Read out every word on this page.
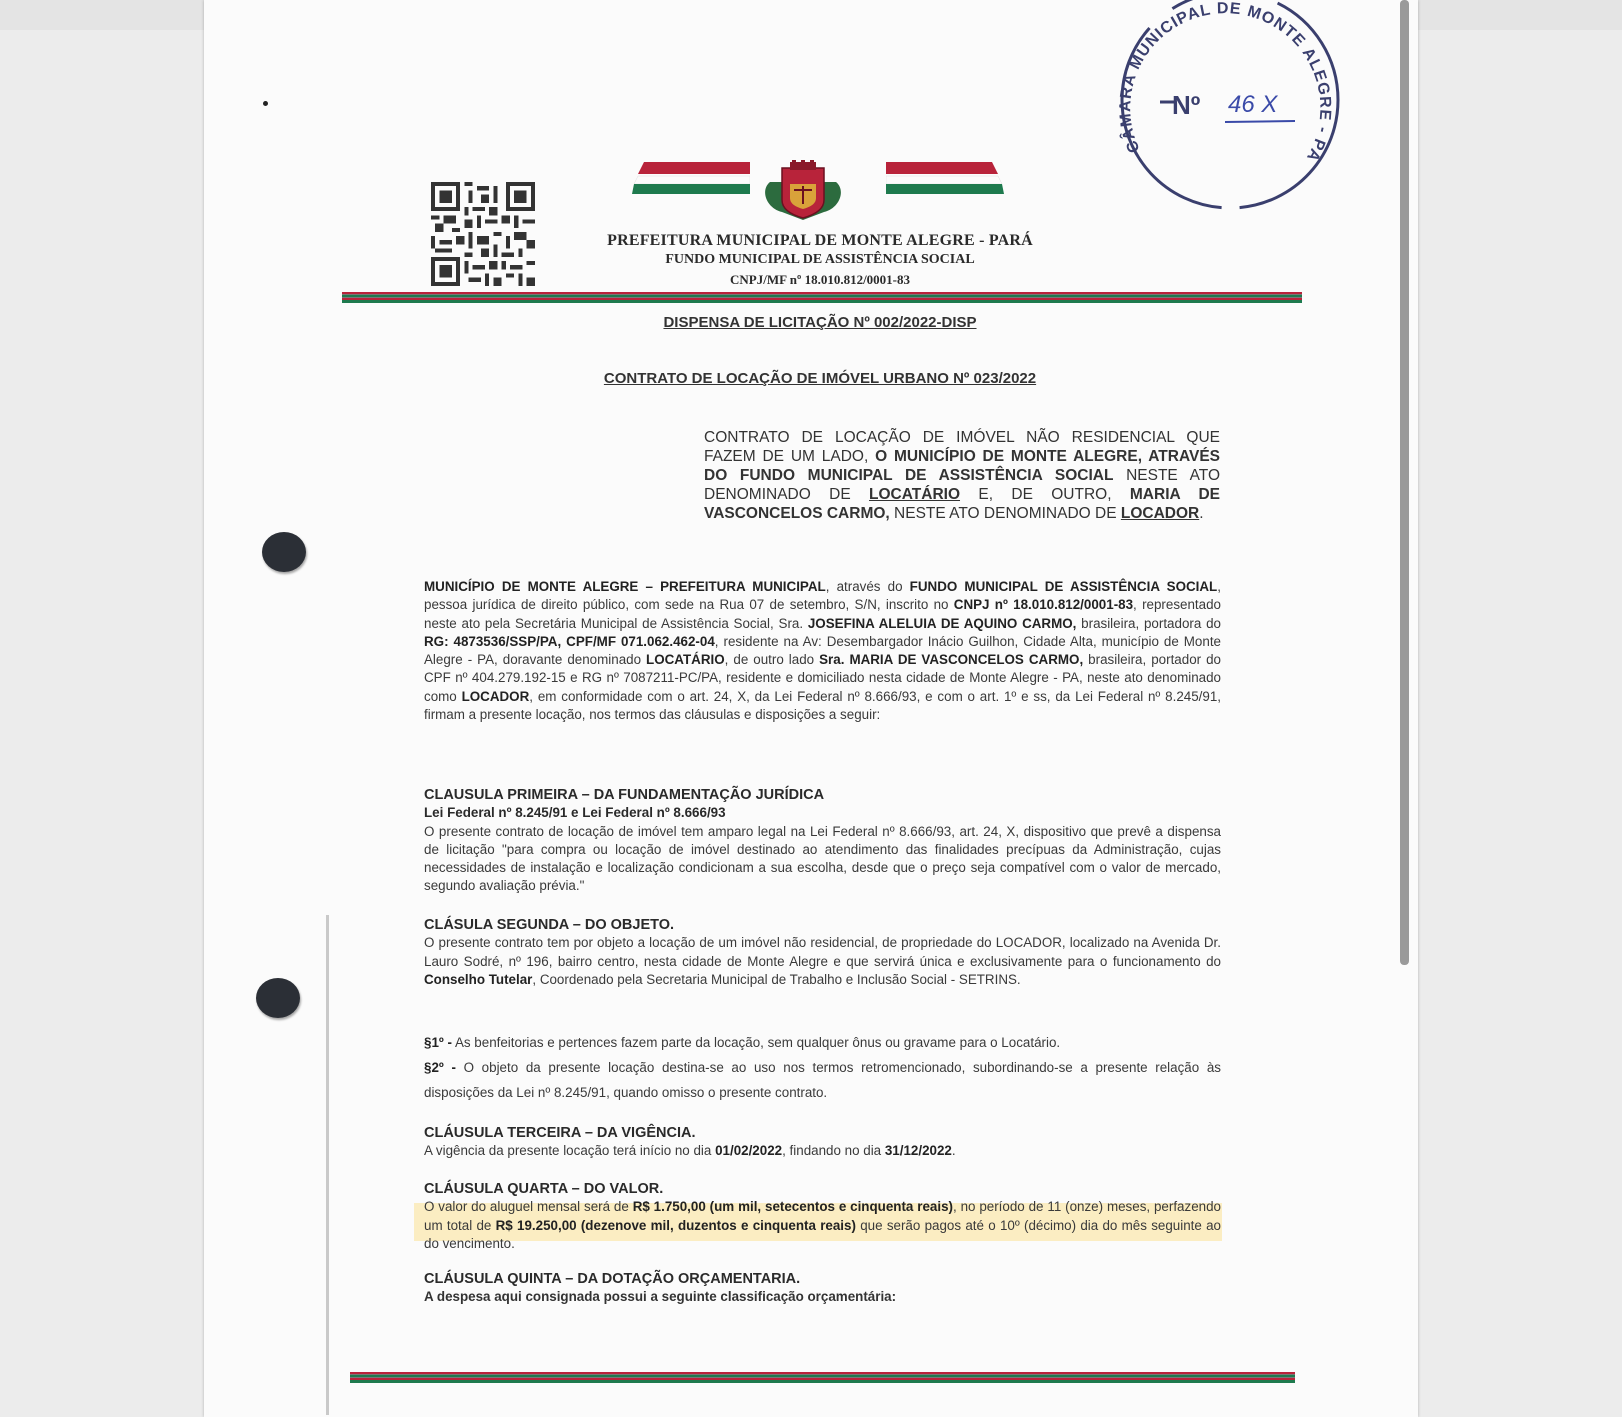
CÂMARA MUNICIPAL DE MONTE ALEGRE - PA
Nº 46 X
PREFEITURA MUNICIPAL DE MONTE ALEGRE - PARÁ
FUNDO MUNICIPAL DE ASSISTÊNCIA SOCIAL
CNPJ/MF nº 18.010.812/0001-83
DISPENSA DE LICITAÇÃO Nº 002/2022-DISP
CONTRATO DE LOCAÇÃO DE IMÓVEL URBANO Nº 023/2022
CONTRATO DE LOCAÇÃO DE IMÓVEL NÃO RESIDENCIAL QUE FAZEM DE UM LADO, O MUNICÍPIO DE MONTE ALEGRE, ATRAVÉS DO FUNDO MUNICIPAL DE ASSISTÊNCIA SOCIAL NESTE ATO DENOMINADO DE LOCATÁRIO E, DE OUTRO, MARIA DE VASCONCELOS CARMO, NESTE ATO DENOMINADO DE LOCADOR.
MUNICÍPIO DE MONTE ALEGRE – PREFEITURA MUNICIPAL, através do FUNDO MUNICIPAL DE ASSISTÊNCIA SOCIAL, pessoa jurídica de direito público, com sede na Rua 07 de setembro, S/N, inscrito no CNPJ nº 18.010.812/0001-83, representado neste ato pela Secretária Municipal de Assistência Social, Sra. JOSEFINA ALELUIA DE AQUINO CARMO, brasileira, portadora do RG: 4873536/SSP/PA, CPF/MF 071.062.462-04, residente na Av: Desembargador Inácio Guilhon, Cidade Alta, município de Monte Alegre - PA, doravante denominado LOCATÁRIO, de outro lado Sra. MARIA DE VASCONCELOS CARMO, brasileira, portador do CPF nº 404.279.192-15 e RG nº 7087211-PC/PA, residente e domiciliado nesta cidade de Monte Alegre - PA, neste ato denominado como LOCADOR, em conformidade com o art. 24, X, da Lei Federal nº 8.666/93, e com o art. 1º e ss, da Lei Federal nº 8.245/91, firmam a presente locação, nos termos das cláusulas e disposições a seguir:
CLAUSULA PRIMEIRA – DA FUNDAMENTAÇÃO JURÍDICA
Lei Federal nº 8.245/91 e Lei Federal nº 8.666/93
O presente contrato de locação de imóvel tem amparo legal na Lei Federal nº 8.666/93, art. 24, X, dispositivo que prevê a dispensa de licitação "para compra ou locação de imóvel destinado ao atendimento das finalidades precípuas da Administração, cujas necessidades de instalação e localização condicionam a sua escolha, desde que o preço seja compatível com o valor de mercado, segundo avaliação prévia."
CLÁSULA SEGUNDA – DO OBJETO.
O presente contrato tem por objeto a locação de um imóvel não residencial, de propriedade do LOCADOR, localizado na Avenida Dr. Lauro Sodré, nº 196, bairro centro, nesta cidade de Monte Alegre e que servirá única e exclusivamente para o funcionamento do Conselho Tutelar, Coordenado pela Secretaria Municipal de Trabalho e Inclusão Social - SETRINS.
§1º - As benfeitorias e pertences fazem parte da locação, sem qualquer ônus ou gravame para o Locatário.
§2º - O objeto da presente locação destina-se ao uso nos termos retromencionado, subordinando-se a presente relação às disposições da Lei nº 8.245/91, quando omisso o presente contrato.
CLÁUSULA TERCEIRA – DA VIGÊNCIA.
A vigência da presente locação terá início no dia 01/02/2022, findando no dia 31/12/2022.
CLÁUSULA QUARTA – DO VALOR.
O valor do aluguel mensal será de R$ 1.750,00 (um mil, setecentos e cinquenta reais), no período de 11 (onze) meses, perfazendo um total de R$ 19.250,00 (dezenove mil, duzentos e cinquenta reais) que serão pagos até o 10º (décimo) dia do mês seguinte ao do vencimento.
CLÁUSULA QUINTA – DA DOTAÇÃO ORÇAMENTARIA.
A despesa aqui consignada possui a seguinte classificação orçamentária:
